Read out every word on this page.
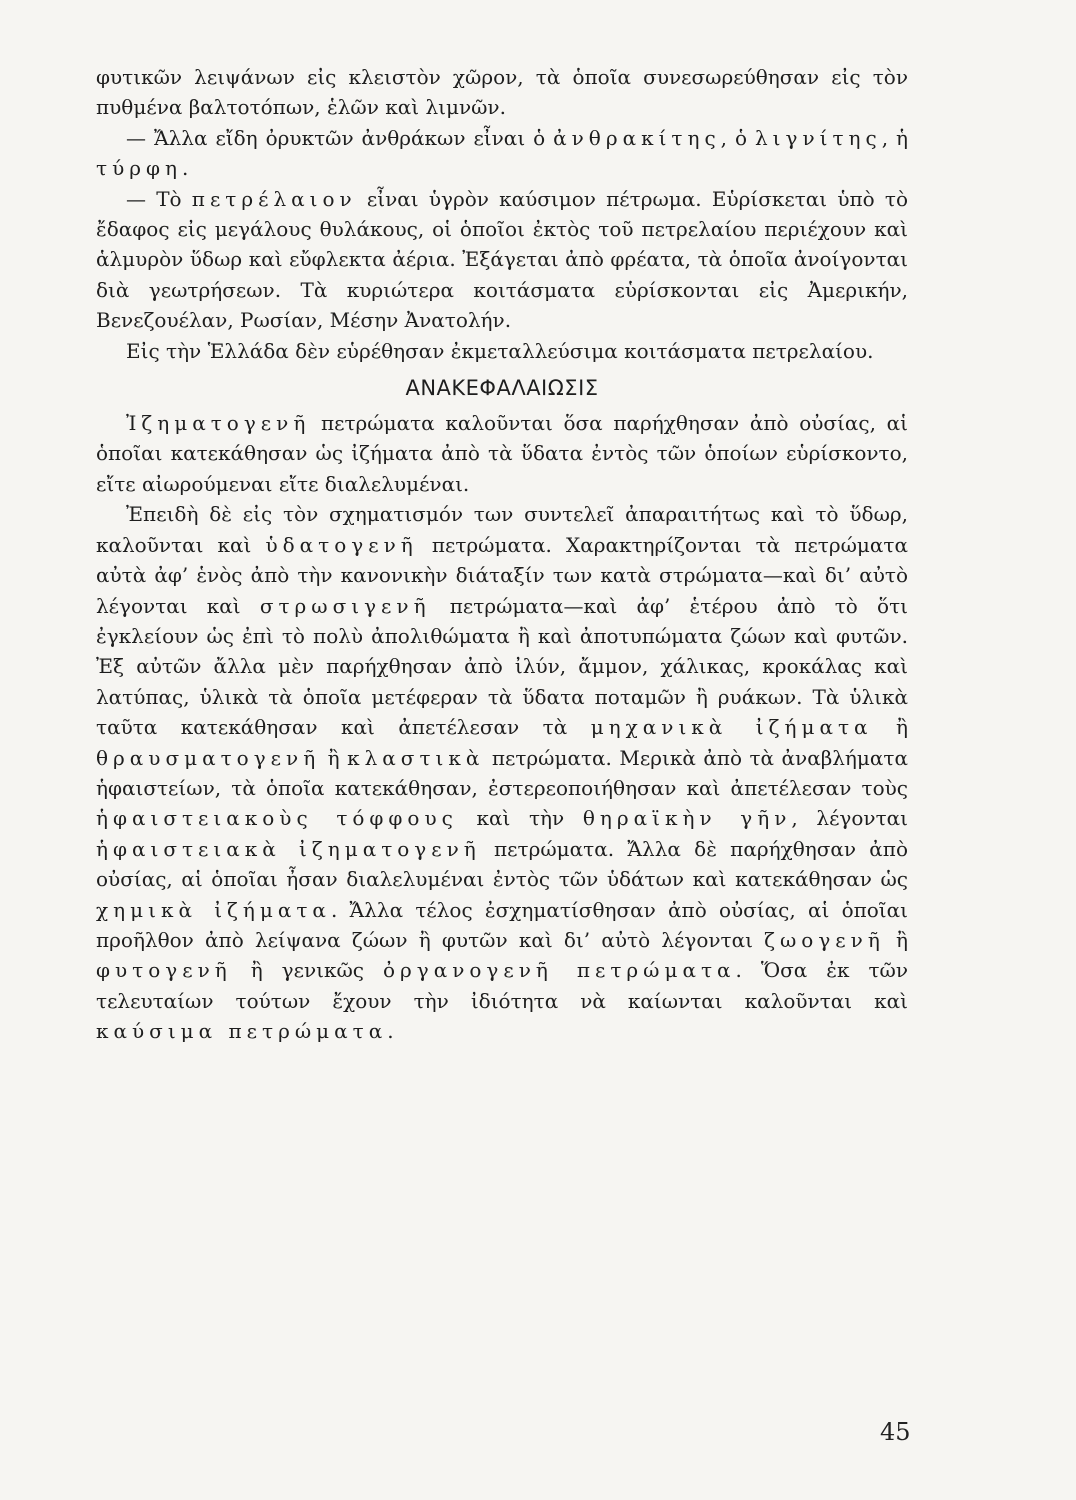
φυτικῶν λειψάνων εἰς κλειστὸν χῶρον, τὰ ὁποῖα συνεσωρεύθησαν εἰς τὸν πυθμένα βαλτοτόπων, ἑλῶν καὶ λιμνῶν.

— Ἄλλα εἴδη ὀρυκτῶν ἀνθράκων εἶναι ὁ ἀνθρακίτης, ὁ λιγνίτης, ἡ τύρφη.

— Τὸ πετρέλαιον εἶναι ὑγρὸν καύσιμον πέτρωμα. Εὑρίσκεται ὑπὸ τὸ ἔδαφος εἰς μεγάλους θυλάκους, οἱ ὁποῖοι ἐκτὸς τοῦ πετρελαίου περιέχουν καὶ ἁλμυρὸν ὕδωρ καὶ εὔφλεκτα ἀέρια. Ἐξάγεται ἀπὸ φρέατα, τὰ ὁποῖα ἀνοίγονται διὰ γεωτρήσεων. Τὰ κυριώτερα κοιτάσματα εὑρίσκονται εἰς Ἀμερικήν, Βενεζουέλαν, Ρωσίαν, Μέσην Ἀνατολήν.

Εἰς τὴν Ἑλλάδα δὲν εὑρέθησαν ἐκμεταλλεύσιμα κοιτάσματα πετρελαίου.

ΑΝΑΚΕΦΑΛΑΙΩΣΙΣ

Ἰζηματογενῆ πετρώματα καλοῦνται ὅσα παρήχθησαν ἀπὸ οὐσίας, αἱ ὁποῖαι κατεκάθησαν ὡς ἰζήματα ἀπὸ τὰ ὕδατα ἐντὸς τῶν ὁποίων εὑρίσκοντο, εἴτε αἰωρούμεναι εἴτε διαλελυμέναι.

Ἐπειδὴ δὲ εἰς τὸν σχηματισμόν των συντελεῖ ἀπαραιτήτως καὶ τὸ ὕδωρ, καλοῦνται καὶ ὑδατογενῆ πετρώματα. Χαρακτηρίζονται τὰ πετρώματα αὐτὰ ἀφ’ ἑνὸς ἀπὸ τὴν κανονικὴν διάταξίν των κατὰ στρώματα—καὶ δι’ αὐτὸ λέγονται καὶ στρωσιγενῆ πετρώματα—καὶ ἀφ’ ἑτέρου ἀπὸ τὸ ὅτι ἐγκλείουν ὡς ἐπὶ τὸ πολὺ ἀπολιθώματα ἢ καὶ ἀποτυπώματα ζώων καὶ φυτῶν. Ἐξ αὐτῶν ἄλλα μὲν παρήχθησαν ἀπὸ ἰλύν, ἄμμον, χάλικας, κροκάλας καὶ λατύπας, ὑλικὰ τὰ ὁποῖα μετέφεραν τὰ ὕδατα ποταμῶν ἢ ρυάκων. Τὰ ὑλικὰ ταῦτα κατεκάθησαν καὶ ἀπετέλεσαν τὰ μηχανικὰ ἰζήματα ἢ θραυσματογενῆ ἢ κλαστικὰ πετρώματα. Μερικὰ ἀπὸ τὰ ἀναβλήματα ἡφαιστείων, τὰ ὁποῖα κατεκάθησαν, ἐστερεοποιήθησαν καὶ ἀπετέλεσαν τοὺς ἡφαιστειακοὺς τόφφους καὶ τὴν θηραϊκὴν γῆν, λέγονται ἡφαιστειακὰ ἰζηματογενῆ πετρώματα. Ἄλλα δὲ παρήχθησαν ἀπὸ οὐσίας, αἱ ὁποῖαι ἦσαν διαλελυμέναι ἐντὸς τῶν ὑδάτων καὶ κατεκάθησαν ὡς χημικὰ ἰζήματα. Ἄλλα τέλος ἐσχηματίσθησαν ἀπὸ οὐσίας, αἱ ὁποῖαι προῆλθον ἀπὸ λείψανα ζώων ἢ φυτῶν καὶ δι’ αὐτὸ λέγονται ζωογενῆ ἢ φυτογενῆ ἢ γενικῶς ὀργανογενῆ πετρώματα. Ὅσα ἐκ τῶν τελευταίων τούτων ἔχουν τὴν ἰδιότητα νὰ καίωνται καλοῦνται καὶ καύσιμα πετρώματα.

45
